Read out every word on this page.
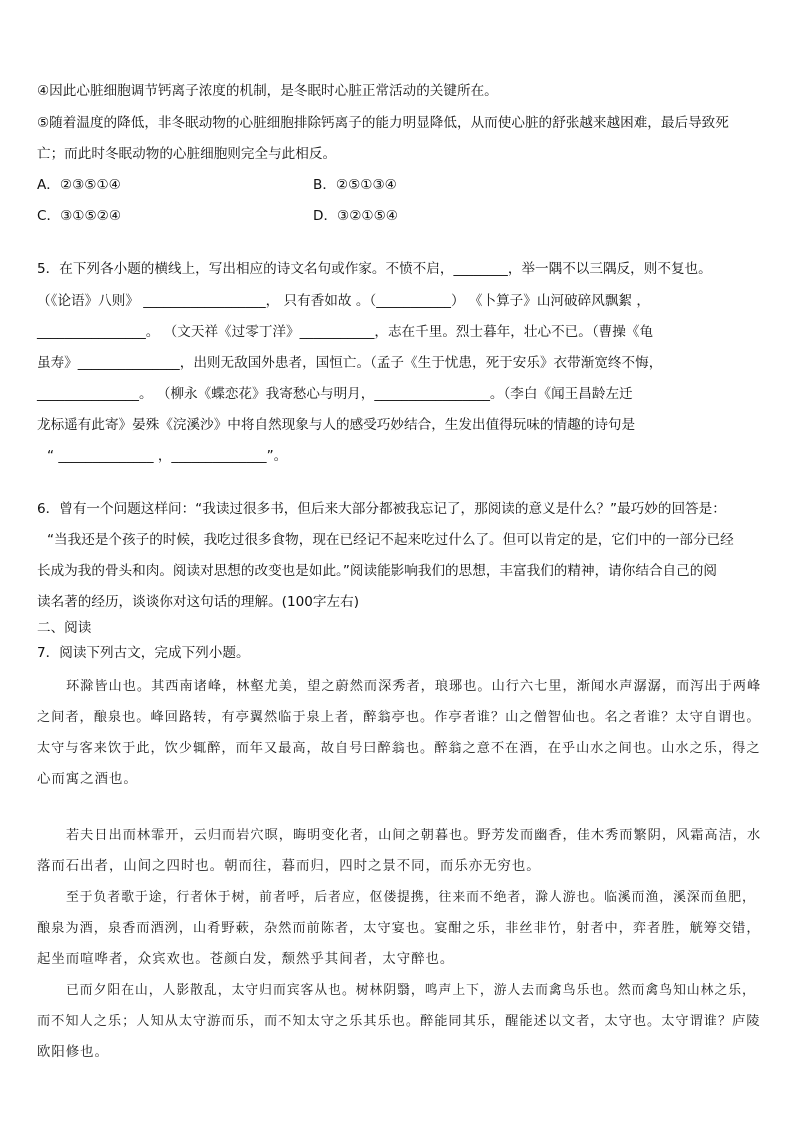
④因此心脏细胞调节钙离子浓度的机制，是冬眠时心脏正常活动的关键所在。
⑤随着温度的降低，非冬眠动物的心脏细胞排除钙离子的能力明显降低，从而使心脏的舒张越来越困难，最后导致死
亡；而此时冬眠动物的心脏细胞则完全与此相反。
A．②③⑤①④	B．②⑤①③④
C．③①⑤②④	D．③②①⑤④
5．在下列各小题的横线上，写出相应的诗文名句或作家。不愤不启，________，举一隅不以三隅反，则不复也。
（《论语》八则》 __________________， 只有香如故 。（___________） 《卜算子》山河破碎风飘絮 ，
________________。 （文天祥《过零丁洋》___________，志在千里。烈士暮年，壮心不已。（曹操《龟
虽寿》_______________，出则无敌国外患者，国恒亡。（孟子《生于忧患，死于安乐》衣带渐宽终不悔，
_______________。 （柳永《蝶恋花》我寄愁心与明月，_________________。（李白《闻王昌龄左迁
龙标遥有此寄》晏殊《浣溪沙》中将自然现象与人的感受巧妙结合，生发出值得玩味的情趣的诗句是
“ ______________ ，______________”。
6．曾有一个问题这样问：“我读过很多书，但后来大部分都被我忘记了，那阅读的意义是什么？”最巧妙的回答是：
“当我还是个孩子的时候，我吃过很多食物，现在已经记不起来吃过什么了。但可以肯定的是，它们中的一部分已经
长成为我的骨头和肉。阅读对思想的改变也是如此。”阅读能影响我们的思想，丰富我们的精神，请你结合自己的阅
读名著的经历，谈谈你对这句话的理解。(100字左右)
二、阅读
7．阅读下列古文，完成下列小题。
环滁皆山也。其西南诸峰，林壑尤美，望之蔚然而深秀者，琅琊也。山行六七里，渐闻水声潺潺，而泻出于两峰
之间者，酿泉也。峰回路转，有亭翼然临于泉上者，醉翁亭也。作亭者谁？山之僧智仙也。名之者谁？太守自谓也。
太守与客来饮于此，饮少辄醉，而年又最高，故自号曰醉翁也。醉翁之意不在酒，在乎山水之间也。山水之乐，得之
心而寓之酒也。
若夫日出而林霏开，云归而岩穴暝，晦明变化者，山间之朝暮也。野芳发而幽香，佳木秀而繁阴，风霜高洁，水
落而石出者，山间之四时也。朝而往，暮而归，四时之景不同，而乐亦无穷也。
至于负者歌于途，行者休于树，前者呼，后者应，伛偻提携，往来而不绝者，滁人游也。临溪而渔，溪深而鱼肥，
酿泉为酒，泉香而酒洌，山肴野蔌，杂然而前陈者，太守宴也。宴酣之乐，非丝非竹，射者中，弈者胜，觥筹交错，
起坐而喧哗者，众宾欢也。苍颜白发，颓然乎其间者，太守醉也。
已而夕阳在山，人影散乱，太守归而宾客从也。树林阴翳，鸣声上下，游人去而禽鸟乐也。然而禽鸟知山林之乐，
而不知人之乐；人知从太守游而乐，而不知太守之乐其乐也。醉能同其乐，醒能述以文者，太守也。太守谓谁？庐陵
欧阳修也。
